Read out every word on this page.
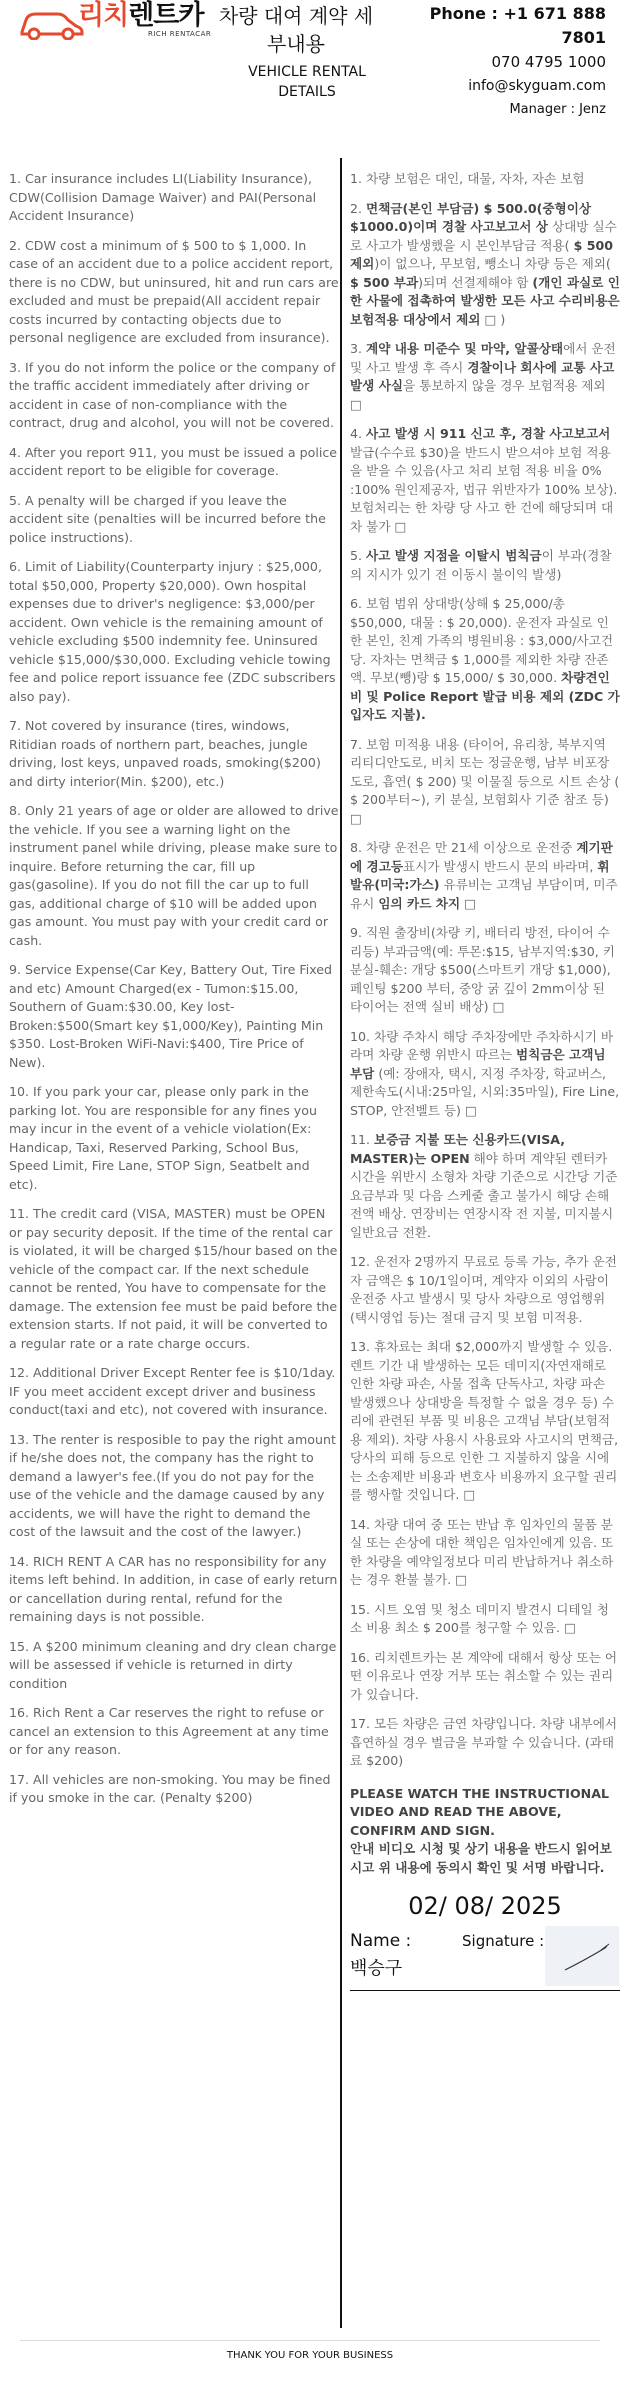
리치렌트카
RICH RENTACAR
차량 대여 계약 세부내용
VEHICLE RENTAL DETAILS
Phone : +1 671 888 7801
070 4795 1000
info@skyguam.com
Manager : Jenz
1. Car insurance includes LI(Liability Insurance), CDW(Collision Damage Waiver) and PAI(Personal Accident Insurance)
2. CDW cost a minimum of $ 500 to $ 1,000. In case of an accident due to a police accident report, there is no CDW, but uninsured, hit and run cars are excluded and must be prepaid(All accident repair costs incurred by contacting objects due to personal negligence are excluded from insurance).
3. If you do not inform the police or the company of the traffic accident immediately after driving or accident in case of non-compliance with the contract, drug and alcohol, you will not be covered.
4. After you report 911, you must be issued a police accident report to be eligible for coverage.
5. A penalty will be charged if you leave the accident site (penalties will be incurred before the police instructions).
6. Limit of Liability(Counterparty injury : $25,000, total $50,000, Property $20,000). Own hospital expenses due to driver's negligence: $3,000/per accident. Own vehicle is the remaining amount of vehicle excluding $500 indemnity fee. Uninsured vehicle $15,000/$30,000. Excluding vehicle towing fee and police report issuance fee (ZDC subscribers also pay).
7. Not covered by insurance (tires, windows, Ritidian roads of northern part, beaches, jungle driving, lost keys, unpaved roads, smoking($200) and dirty interior(Min. $200), etc.)
8. Only 21 years of age or older are allowed to drive the vehicle. If you see a warning light on the instrument panel while driving, please make sure to inquire. Before returning the car, fill up gas(gasoline). If you do not fill the car up to full gas, additional charge of $10 will be added upon gas amount. You must pay with your credit card or cash.
9. Service Expense(Car Key, Battery Out, Tire Fixed and etc) Amount Charged(ex - Tumon:$15.00, Southern of Guam:$30.00, Key lost-Broken:$500(Smart key $1,000/Key), Painting Min $350. Lost-Broken WiFi-Navi:$400, Tire Price of New).
10. If you park your car, please only park in the parking lot. You are responsible for any fines you may incur in the event of a vehicle violation(Ex: Handicap, Taxi, Reserved Parking, School Bus, Speed Limit, Fire Lane, STOP Sign, Seatbelt and etc).
11. The credit card (VISA, MASTER) must be OPEN or pay security deposit. If the time of the rental car is violated, it will be charged $15/hour based on the vehicle of the compact car. If the next schedule cannot be rented, You have to compensate for the damage. The extension fee must be paid before the extension starts. If not paid, it will be converted to a regular rate or a rate charge occurs.
12. Additional Driver Except Renter fee is $10/1day. IF you meet accident except driver and business conduct(taxi and etc), not covered with insurance.
13. The renter is resposible to pay the right amount if he/she does not, the company has the right to demand a lawyer's fee.(If you do not pay for the use of the vehicle and the damage caused by any accidents, we will have the right to demand the cost of the lawsuit and the cost of the lawyer.)
14. RICH RENT A CAR has no responsibility for any items left behind. In addition, in case of early return or cancellation during rental, refund for the remaining days is not possible.
15. A $200 minimum cleaning and dry clean charge will be assessed if vehicle is returned in dirty condition
16. Rich Rent a Car reserves the right to refuse or cancel an extension to this Agreement at any time or for any reason.
17. All vehicles are non-smoking. You may be fined if you smoke in the car. (Penalty $200)
1. 차량 보험은 대인, 대물, 자차, 자손 보험
2. 면책금(본인 부담금) $ 500.0(중형이상 $1000.0)이며 경찰 사고보고서 상 상대방 실수로 사고가 발생했을 시 본인부담금 적용( $ 500제외)이 없으나, 무보험, 뺑소니 차량 등은 제외( $ 500 부과)되며 선결제해야 함 (개인 과실로 인한 사물에 접촉하여 발생한 모든 사고 수리비용은 보험적용 대상에서 제외 □ )
3. 계약 내용 미준수 및 마약, 알콜상태에서 운전 및 사고 발생 후 즉시 경찰이나 회사에 교통 사고 발생 사실을 통보하지 않을 경우 보험적용 제외 □
4. 사고 발생 시 911 신고 후, 경찰 사고보고서 발급(수수료 $30)을 반드시 받으셔야 보험 적용을 받을 수 있음(사고 처리 보험 적용 비율 0% :100% 원인제공자, 법규 위반자가 100% 보상). 보험처리는 한 차량 당 사고 한 건에 해당되며 대차 불가 □
5. 사고 발생 지점을 이탈시 범칙금이 부과(경찰의 지시가 있기 전 이동시 불이익 발생)
6. 보험 범위 상대방(상해 $ 25,000/총 $50,000, 대물 : $ 20,000). 운전자 과실로 인한 본인, 친계 가족의 병원비용 : $3,000/사고건당. 자차는 면책금 $ 1,000를 제외한 차량 잔존액. 무보(뺑)랑 $ 15,000/ $ 30,000. 차량견인비 및 Police Report 발급 비용 제외 (ZDC 가입자도 지불).
7. 보험 미적용 내용 (타이어, 유리창, 북부지역 리티디안도로, 비치 또는 정글운행, 남부 비포장도로, 흡연( $ 200) 및 이물질 등으로 시트 손상 ( $ 200부터~), 키 분실, 보험회사 기준 참조 등) □
8. 차량 운전은 만 21세 이상으로 운전중 계기판에 경고등표시가 발생시 반드시 문의 바라며, 휘발유(미국:가스) 유류비는 고객님 부담이며, 미주유시 임의 카드 차지 □
9. 직원 출장비(차량 키, 배터리 방전, 타이어 수리등) 부과금액(예: 투몬:$15, 남부지역:$30, 키분실-훼손: 개당 $500(스마트키 개당 $1,000), 페인팅 $200 부터, 중앙 굵 깊이 2mm이상 된 타이어는 전액 실비 배상) □
10. 차량 주차시 해당 주차장에만 주차하시기 바라며 차량 운행 위반시 따르는 범칙금은 고객님 부담 (예: 장애자, 택시, 지정 주차장, 학교버스, 제한속도(시내:25마일, 시외:35마일), Fire Line, STOP, 안전벨트 등) □
11. 보증금 지불 또는 신용카드(VISA, MASTER)는 OPEN 해야 하며 계약된 렌터카 시간을 위반시 소형차 차량 기준으로 시간당 기준요금부과 및 다음 스케줄 출고 불가시 해당 손해 전액 배상. 연장비는 연장시작 전 지불, 미지불시 일반요금 전환.
12. 운전자 2명까지 무료로 등록 가능, 추가 운전자 금액은 $ 10/1일이며, 계약자 이외의 사람이 운전중 사고 발생시 및 당사 차량으로 영업행위(택시영업 등)는 절대 금지 및 보험 미적용.
13. 휴차료는 최대 $2,000까지 발생할 수 있음. 렌트 기간 내 발생하는 모든 데미지(자연재해로 인한 차량 파손, 사물 접촉 단독사고, 차량 파손 발생했으나 상대방을 특정할 수 없을 경우 등) 수리에 관련된 부품 및 비용은 고객님 부담(보험적용 제외). 차량 사용시 사용료와 사고시의 면책금, 당사의 피해 등으로 인한 그 지불하지 않을 시에는 소송제반 비용과 변호사 비용까지 요구할 권리를 행사할 것입니다. □
14. 차량 대여 중 또는 반납 후 임차인의 물품 분실 또는 손상에 대한 책임은 임차인에게 있음. 또한 차량을 예약일정보다 미리 반납하거나 취소하는 경우 환불 불가. □
15. 시트 오염 및 청소 데미지 발견시 디테일 청소 비용 최소 $ 200를 청구할 수 있음. □
16. 리치렌트카는 본 계약에 대해서 항상 또는 어떤 이유로나 연장 거부 또는 취소할 수 있는 권리가 있습니다.
17. 모든 차량은 금연 차량입니다. 차량 내부에서 흡연하실 경우 벌금을 부과할 수 있습니다. (과태료 $200)
PLEASE WATCH THE INSTRUCTIONAL VIDEO AND READ THE ABOVE, CONFIRM AND SIGN.
안내 비디오 시청 및 상기 내용을 반드시 읽어보시고 위 내용에 동의시 확인 및 서명 바랍니다.
02/ 08/ 2025
Name :
백승구
Signature :
THANK YOU FOR YOUR BUSINESS
